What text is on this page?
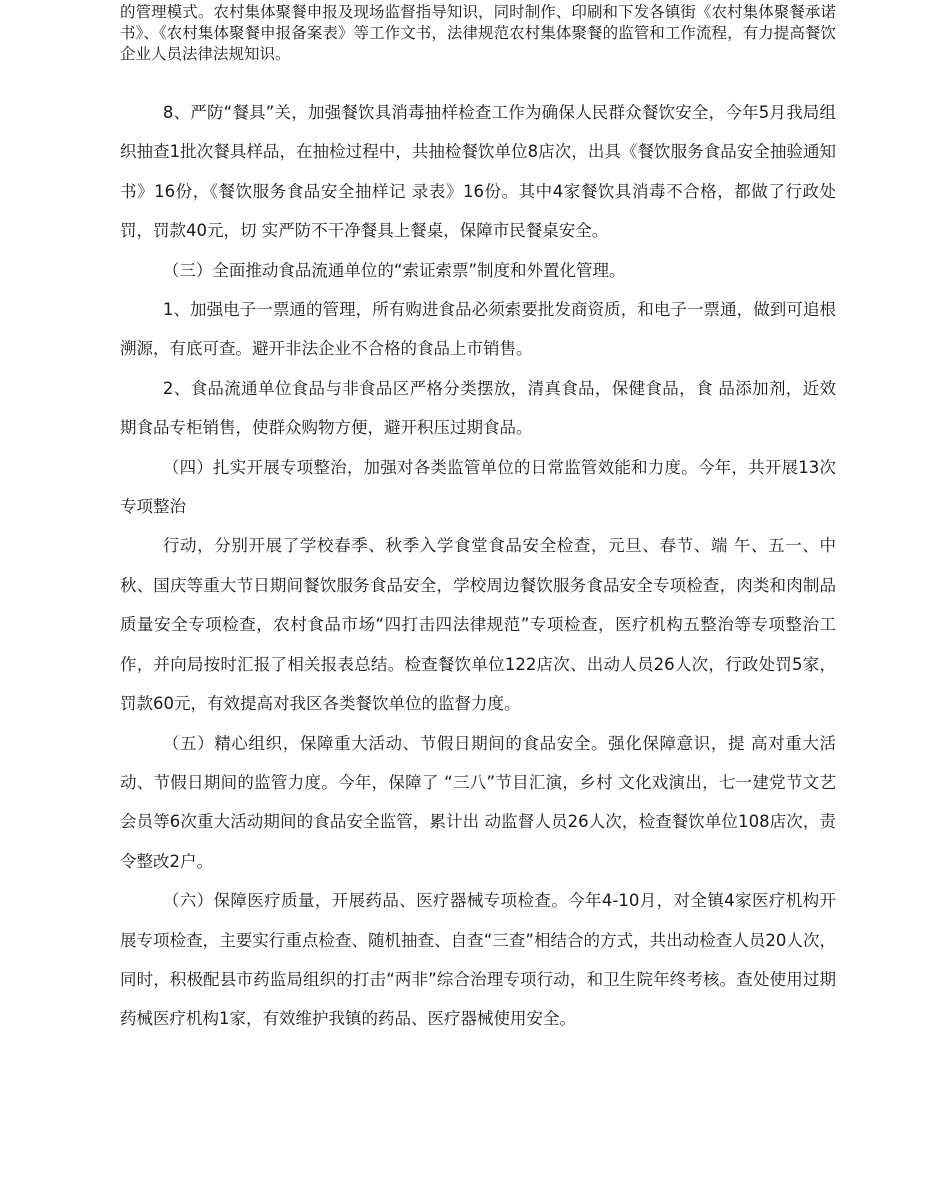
的管理模式。农村集体聚餐申报及现场监督指导知识，同时制作、印刷和下发各镇街《农村集体聚餐承诺书》、《农村集体聚餐申报备案表》等工作文书，法律规范农村集体聚餐的监管和工作流程，有力提高餐饮企业人员法律法规知识。

8、严防“餐具”关，加强餐饮具消毒抽样检查工作为确保人民群众餐饮安全，今年5月我局组织抽查1批次餐具样品，在抽检过程中，共抽检餐饮单位8店次，出具《餐饮服务食品安全抽验通知书》16份，《餐饮服务食品安全抽样记 录表》16份。其中4家餐饮具消毒不合格，都做了行政处罚，罚款40元，切 实严防不干净餐具上餐桌，保障市民餐桌安全。

（三）全面推动食品流通单位的“索证索票”制度和外置化管理。

1、加强电子一票通的管理，所有购进食品必须索要批发商资质，和电子一票通，做到可追根溯源，有底可查。避开非法企业不合格的食品上市销售。

2、食品流通单位食品与非食品区严格分类摆放，清真食品，保健食品，食 品添加剂，近效期食品专柜销售，使群众购物方便，避开积压过期食品。

（四）扎实开展专项整治，加强对各类监管单位的日常监管效能和力度。今年，共开展13次专项整治

行动，分别开展了学校春季、秋季入学食堂食品安全检查，元旦、春节、端 午、五一、中秋、国庆等重大节日期间餐饮服务食品安全，学校周边餐饮服务食品安全专项检查，肉类和肉制品质量安全专项检查，农村食品市场“四打击四法律规范”专项检查，医疗机构五整治等专项整治工作，并向局按时汇报了相关报表总结。检查餐饮单位122店次、出动人员26人次，行政处罚5家，罚款60元，有效提高对我区各类餐饮单位的监督力度。

（五）精心组织，保障重大活动、节假日期间的食品安全。强化保障意识，提 高对重大活动、节假日期间的监管力度。今年，保障了 “三八”节目汇演，乡村 文化戏演出，七一建党节文艺会员等6次重大活动期间的食品安全监管，累计出 动监督人员26人次，检查餐饮单位108店次，责令整改2户。

（六）保障医疗质量，开展药品、医疗器械专项检查。今年4-10月，对全镇4家医疗机构开展专项检查，主要实行重点检查、随机抽查、自查“三查”相结合的方式，共出动检查人员20人次，同时，积极配县市药监局组织的打击“两非”综合治理专项行动，和卫生院年终考核。查处使用过期药械医疗机构1家，有效维护我镇的药品、医疗器械使用安全。
